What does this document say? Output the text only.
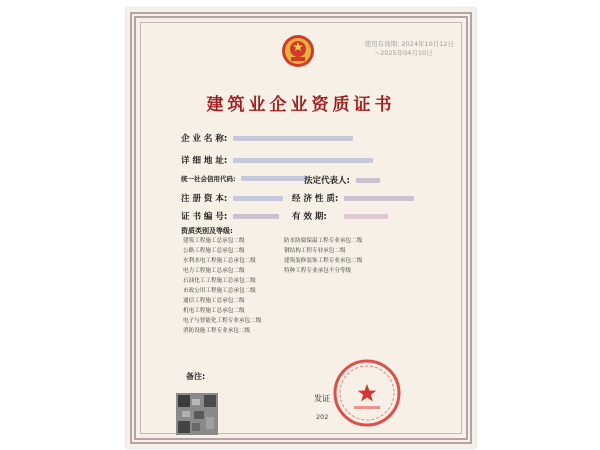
使用有效期: 2024年10月12日
~2025年04月10日
建筑业企业资质证书
企 业 名 称:
详 细 地 址:
统一社会信用代码:	法定代表人:
注 册 资 本:	经 济 性 质:
证 书 编 号:	有 效 期:
资质类别及等级:
建筑工程施工总承包二级
公路工程施工总承包二级
水利水电工程施工总承包二级
电力工程施工总承包二级
石油化工工程施工总承包二级
市政公用工程施工总承包二级
通信工程施工总承包二级
机电工程施工总承包二级
电子与智能化工程专业承包二级
消防设施工程专业承包二级
防水防腐保温工程专业承包二级
钢结构工程专业承包二级
建筑装修装饰工程专业承包二级
特种工程专业承包不分等级
备注:
发证
202
